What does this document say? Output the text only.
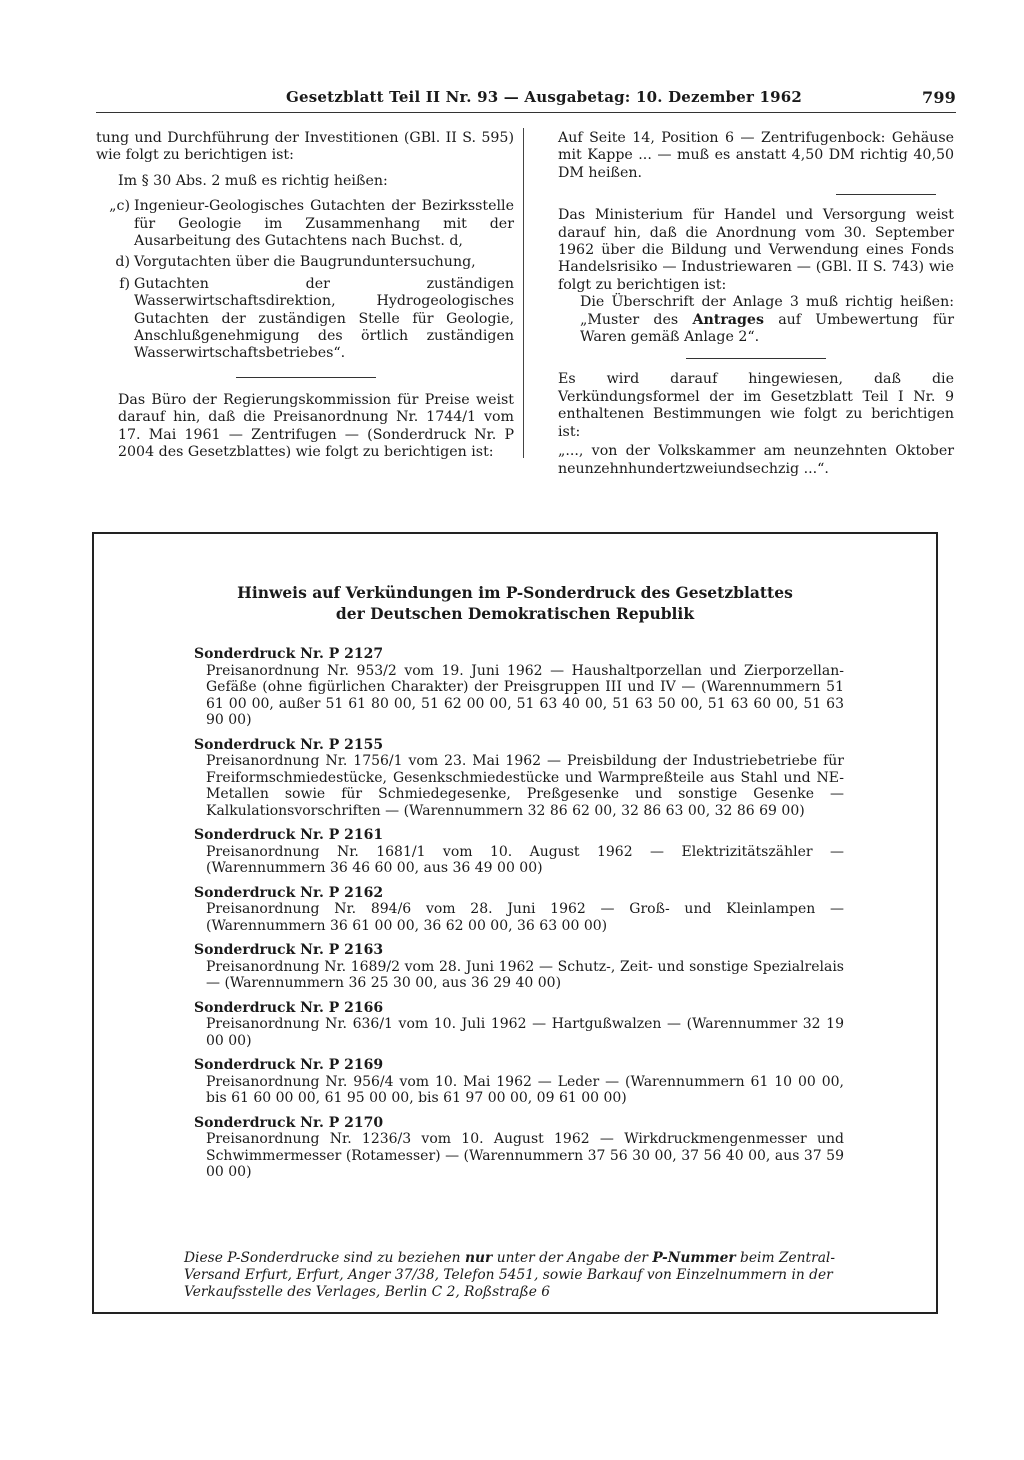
Gesetzblatt Teil II Nr. 93 — Ausgabetag: 10. Dezember 1962	799

tung und Durchführung der Investitionen (GBl. II S. 595) wie folgt zu berichtigen ist:

Im § 30 Abs. 2 muß es richtig heißen:

„c) Ingenieur-Geologisches Gutachten der Bezirksstelle für Geologie im Zusammenhang mit der Ausarbeitung des Gutachtens nach Buchst. d,
d) Vorgutachten über die Baugrunduntersuchung,
f) Gutachten der zuständigen Wasserwirtschaftsdirektion, Hydrogeologisches Gutachten der zuständigen Stelle für Geologie, Anschlußgenehmigung des örtlich zuständigen Wasserwirtschaftsbetriebes“.

Das Büro der Regierungskommission für Preise weist darauf hin, daß die Preisanordnung Nr. 1744/1 vom 17. Mai 1961 — Zentrifugen — (Sonderdruck Nr. P 2004 des Gesetzblattes) wie folgt zu berichtigen ist:

Auf Seite 14, Position 6 — Zentrifugenbock: Gehäuse mit Kappe ... — muß es anstatt 4,50 DM richtig 40,50 DM heißen.

Das Ministerium für Handel und Versorgung weist darauf hin, daß die Anordnung vom 30. September 1962 über die Bildung und Verwendung eines Fonds Handelsrisiko — Industriewaren — (GBl. II S. 743) wie folgt zu berichtigen ist:

Die Überschrift der Anlage 3 muß richtig heißen: „Muster des Antrages auf Umbewertung für Waren gemäß Anlage 2“.

Es wird darauf hingewiesen, daß die Verkündungsformel der im Gesetzblatt Teil I Nr. 9 enthaltenen Bestimmungen wie folgt zu berichtigen ist:

„..., von der Volkskammer am neunzehnten Oktober neunzehnhundertzweiundsechzig ...“.

Hinweis auf Verkündungen im P-Sonderdruck des Gesetzblattes
der Deutschen Demokratischen Republik
Sonderdruck Nr. P 2127
Preisanordnung Nr. 953/2 vom 19. Juni 1962 — Haushaltporzellan und Zierporzellan-Gefäße (ohne figürlichen Charakter) der Preisgruppen III und IV — (Warennummern 51 61 00 00, außer 51 61 80 00, 51 62 00 00, 51 63 40 00, 51 63 50 00, 51 63 60 00, 51 63 90 00)
Sonderdruck Nr. P 2155
Preisanordnung Nr. 1756/1 vom 23. Mai 1962 — Preisbildung der Industriebetriebe für Freiformschmiedestücke, Gesenkschmiedestücke und Warmpreßteile aus Stahl und NE-Metallen sowie für Schmiedegesenke, Preßgesenke und sonstige Gesenke — Kalkulationsvorschriften — (Warennummern 32 86 62 00, 32 86 63 00, 32 86 69 00)
Sonderdruck Nr. P 2161
Preisanordnung Nr. 1681/1 vom 10. August 1962 — Elektrizitätszähler — (Warennummern 36 46 60 00, aus 36 49 00 00)
Sonderdruck Nr. P 2162
Preisanordnung Nr. 894/6 vom 28. Juni 1962 — Groß- und Kleinlampen — (Warennummern 36 61 00 00, 36 62 00 00, 36 63 00 00)
Sonderdruck Nr. P 2163
Preisanordnung Nr. 1689/2 vom 28. Juni 1962 — Schutz-, Zeit- und sonstige Spezialrelais — (Warennummern 36 25 30 00, aus 36 29 40 00)
Sonderdruck Nr. P 2166
Preisanordnung Nr. 636/1 vom 10. Juli 1962 — Hartgußwalzen — (Warennummer 32 19 00 00)
Sonderdruck Nr. P 2169
Preisanordnung Nr. 956/4 vom 10. Mai 1962 — Leder — (Warennummern 61 10 00 00, bis 61 60 00 00, 61 95 00 00, bis 61 97 00 00, 09 61 00 00)
Sonderdruck Nr. P 2170
Preisanordnung Nr. 1236/3 vom 10. August 1962 — Wirkdruckmengenmesser und Schwimmermesser (Rotamesser) — (Warennummern 37 56 30 00, 37 56 40 00, aus 37 59 00 00)
Diese P-Sonderdrucke sind zu beziehen nur unter der Angabe der P-Nummer beim Zentral-Versand Erfurt, Erfurt, Anger 37/38, Telefon 5451, sowie Barkauf von Einzelnummern in der Verkaufsstelle des Verlages, Berlin C 2, Roßstraße 6
